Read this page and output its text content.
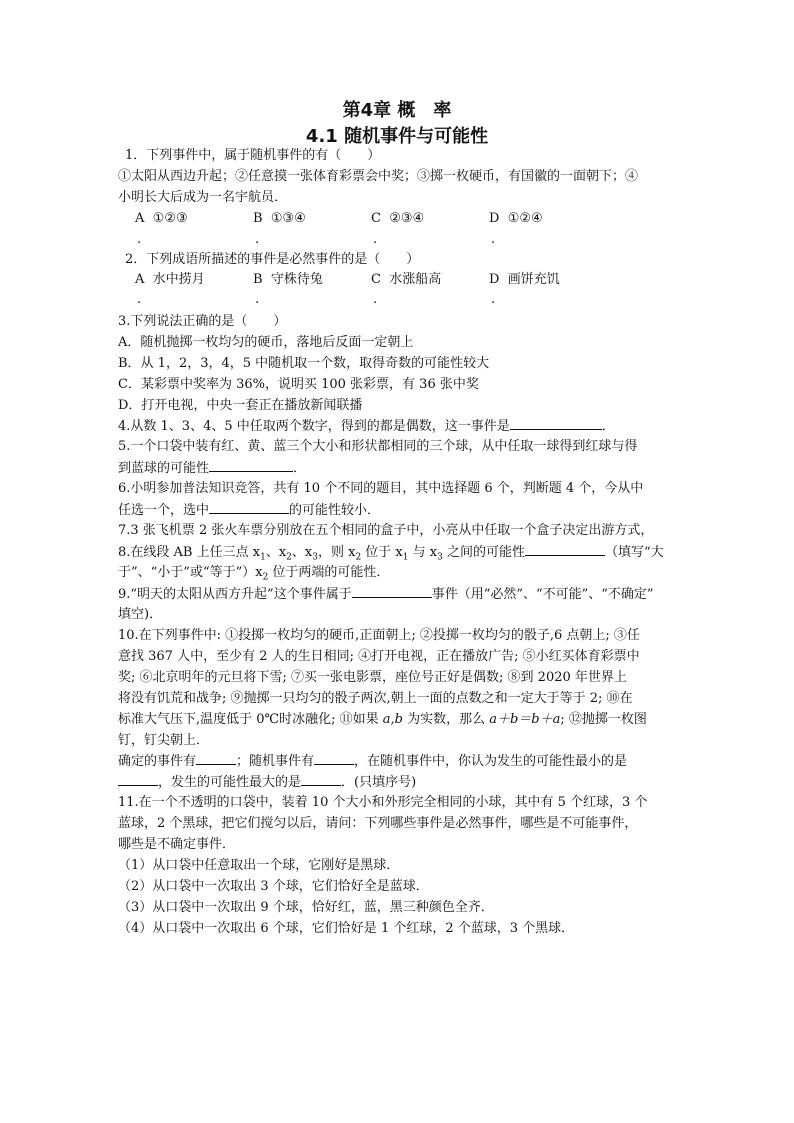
第4章 概　率
4.1 随机事件与可能性
1．下列事件中，属于随机事件的有（　　）
①太阳从西边升起；②任意摸一张体育彩票会中奖；③掷一枚硬币，有国徽的一面朝下；④
小明长大后成为一名宇航员．
A ①②③	B ①③④	C ②③④	D ①②④
.	.	.	.
2．下列成语所描述的事件是必然事件的是（　　）
A 水中捞月	B 守株待兔	C 水涨船高	D 画饼充饥
.	.	.	.
3.下列说法正确的是（　　）
A．随机抛掷一枚均匀的硬币，落地后反面一定朝上
B．从 1，2，3，4，5 中随机取一个数，取得奇数的可能性较大
C．某彩票中奖率为 36%，说明买 100 张彩票，有 36 张中奖
D．打开电视，中央一套正在播放新闻联播
4.从数 1、3、4、5 中任取两个数字，得到的都是偶数，这一事件是	．
5.一个口袋中装有红、黄、蓝三个大小和形状都相同的三个球，从中任取一球得到红球与得
到蓝球的可能性	．
6.小明参加普法知识竞答，共有 10 个不同的题目，其中选择题 6 个，判断题 4 个，今从中
任选一个，选中	的可能性较小．
7.3 张飞机票 2 张火车票分别放在五个相同的盒子中，小亮从中任取一个盒子决定出游方式，
8.在线段 AB 上任三点 $x_1$、$x_2$、$x_3$，则 $x_2$ 位于 $x_1$ 与 $x_3$ 之间的可能性	（填写“大
于”、“小于”或“等于$”)x_2$ 位于两端的可能性．
9.“明天的太阳从西方升起”这个事件属于	事件（用“必然”、“不可能”、“不确定”
填空)．
10.在下列事件中: ①投掷一枚均匀的硬币,正面朝上; ②投掷一枚均匀的骰子,6 点朝上; ③任
意找 367 人中，至少有 2 人的生日相同; ④打开电视，正在播放广告; ⑤小红买体育彩票中
奖; ⑥北京明年的元旦将下雪; ⑦买一张电影票，座位号正好是偶数; ⑧到 2020 年世界上
将没有饥荒和战争; ⑨抛掷一只均匀的骰子两次,朝上一面的点数之和一定大于等于 2; ⑩在
标准大气压下,温度低于 0℃时冰融化; ⑪如果 a,b 为实数，那么 a＋b＝b＋a; ⑫抛掷一枚图
钉，钉尖朝上．
确定的事件有	；随机事件有	，在随机事件中，你认为发生的可能性最小的是
，发生的可能性最大的是	．(只填序号)
11.在一个不透明的口袋中，装着 10 个大小和外形完全相同的小球，其中有 5 个红球，3 个
蓝球，2 个黑球，把它们搅匀以后，请问：下列哪些事件是必然事件，哪些是不可能事件，
哪些是不确定事件．
（1）从口袋中任意取出一个球，它刚好是黑球．
（2）从口袋中一次取出 3 个球，它们恰好全是蓝球．
（3）从口袋中一次取出 9 个球，恰好红，蓝，黑三种颜色全齐．
（4）从口袋中一次取出 6 个球，它们恰好是 1 个红球，2 个蓝球，3 个黑球．
